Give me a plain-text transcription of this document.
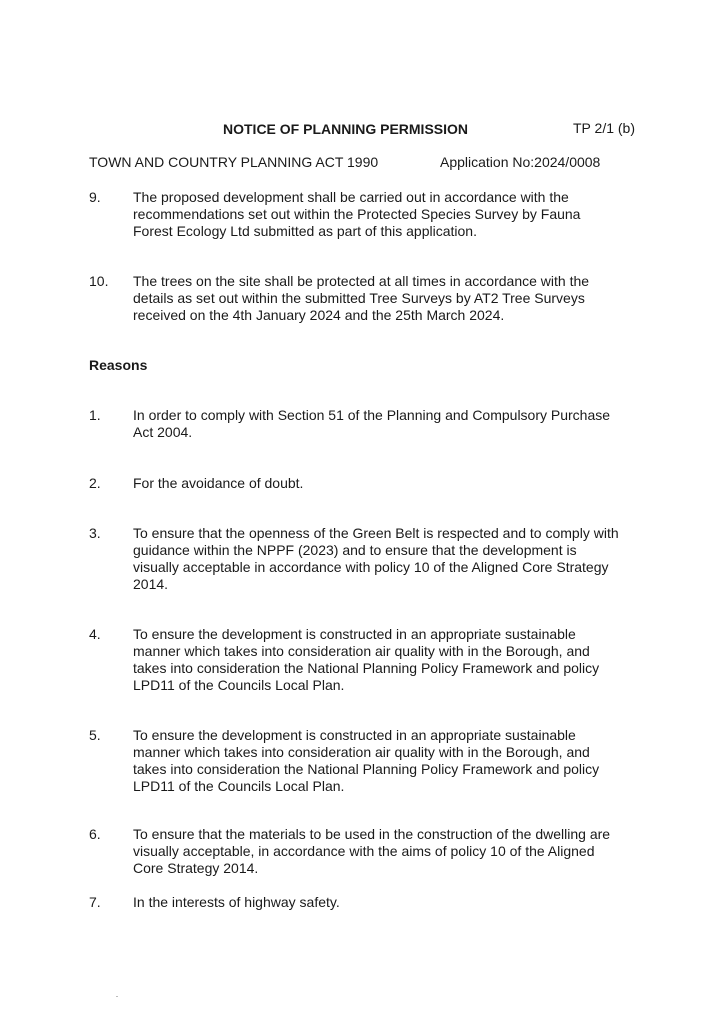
NOTICE OF PLANNING PERMISSION	TP 2/1 (b)
TOWN AND COUNTRY PLANNING ACT 1990	Application No:2024/0008
9. The proposed development shall be carried out in accordance with the
recommendations set out within the Protected Species Survey by Fauna
Forest Ecology Ltd submitted as part of this application.
10. The trees on the site shall be protected at all times in accordance with the
details as set out within the submitted Tree Surveys by AT2 Tree Surveys
received on the 4th January 2024 and the 25th March 2024.
Reasons
1. In order to comply with Section 51 of the Planning and Compulsory Purchase
Act 2004.
2. For the avoidance of doubt.
3. To ensure that the openness of the Green Belt is respected and to comply with
guidance within the NPPF (2023) and to ensure that the development is
visually acceptable in accordance with policy 10 of the Aligned Core Strategy
2014.
4. To ensure the development is constructed in an appropriate sustainable
manner which takes into consideration air quality with in the Borough, and
takes into consideration the National Planning Policy Framework and policy
LPD11 of the Councils Local Plan.
5. To ensure the development is constructed in an appropriate sustainable
manner which takes into consideration air quality with in the Borough, and
takes into consideration the National Planning Policy Framework and policy
LPD11 of the Councils Local Plan.
6. To ensure that the materials to be used in the construction of the dwelling are
visually acceptable, in accordance with the aims of policy 10 of the Aligned
Core Strategy 2014.
7. In the interests of highway safety.
